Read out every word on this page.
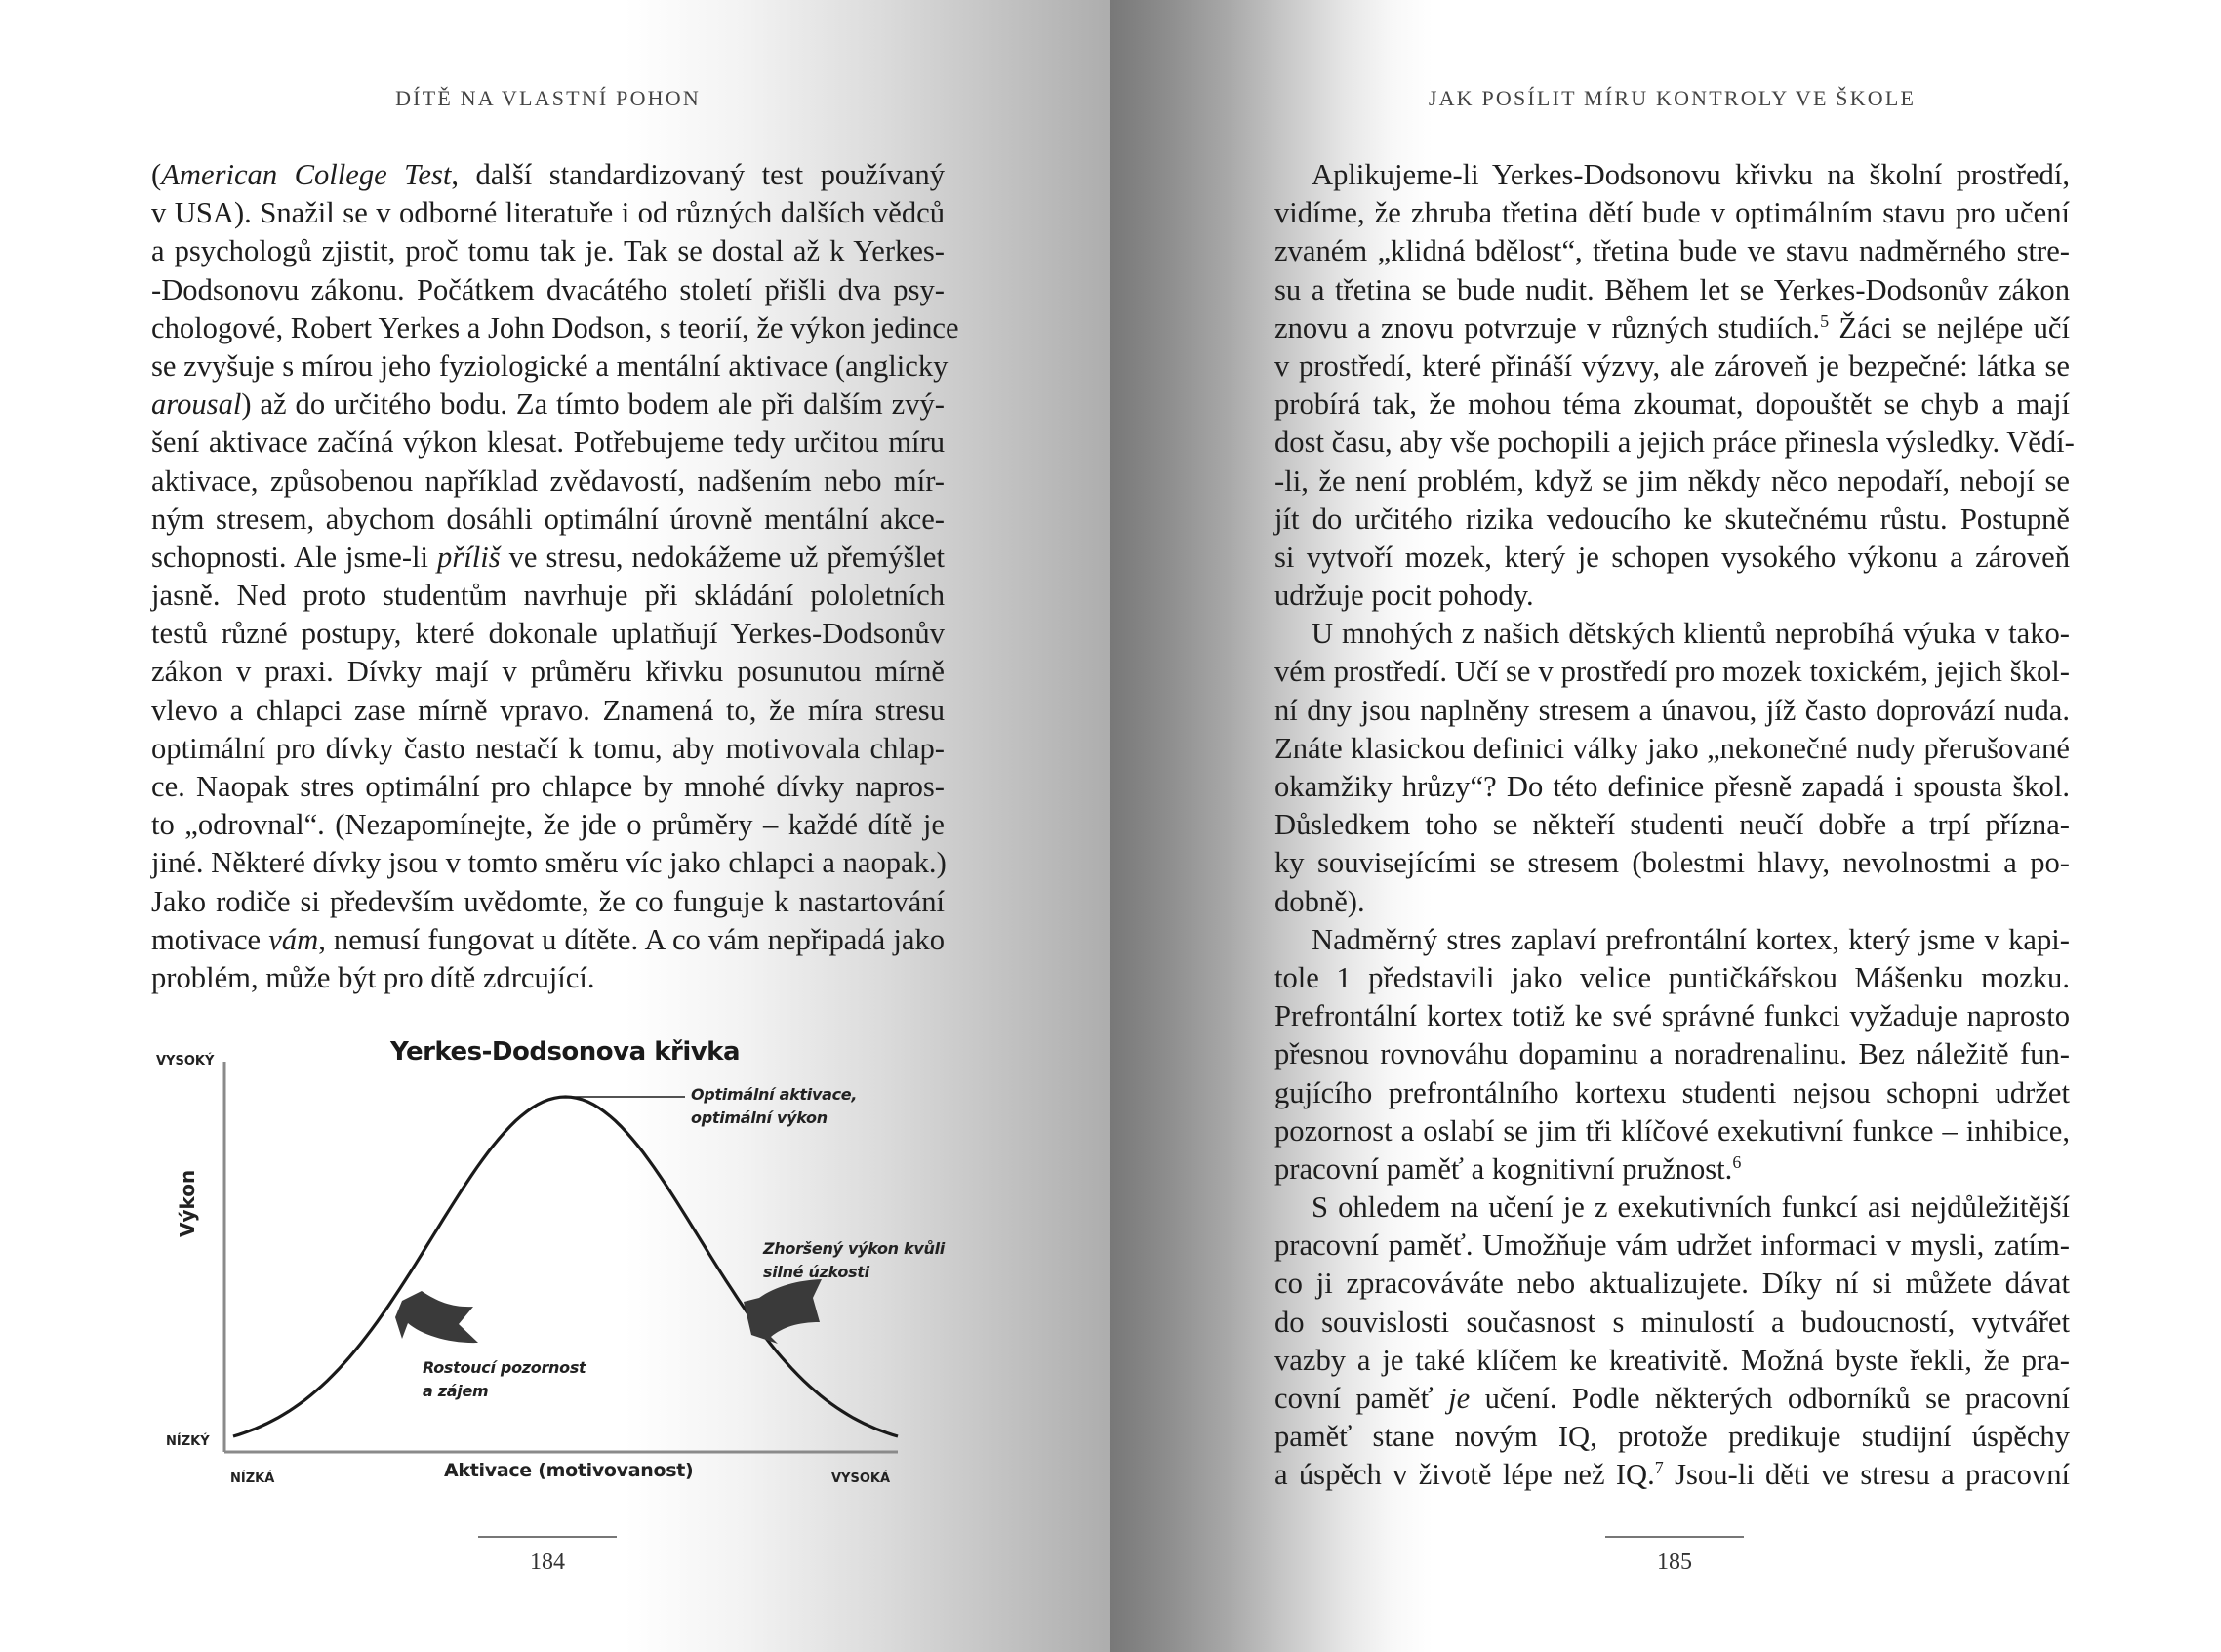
DÍTĚ NA VLASTNÍ POHON
(American College Test, další standardizovaný test používaný
v USA). Snažil se v odborné literatuře i od různých dalších vědců
a psychologů zjistit, proč tomu tak je. Tak se dostal až k Yerkes-
-Dodsonovu zákonu. Počátkem dvacátého století přišli dva psy-
chologové, Robert Yerkes a John Dodson, s teorií, že výkon jedince
se zvyšuje s mírou jeho fyziologické a mentální aktivace (anglicky
arousal) až do určitého bodu. Za tímto bodem ale při dalším zvý-
šení aktivace začíná výkon klesat. Potřebujeme tedy určitou míru
aktivace, způsobenou například zvědavostí, nadšením nebo mír-
ným stresem, abychom dosáhli optimální úrovně mentální akce-
schopnosti. Ale jsme-li příliš ve stresu, nedokážeme už přemýšlet
jasně. Ned proto studentům navrhuje při skládání pololetních
testů různé postupy, které dokonale uplatňují Yerkes-Dodsonův
zákon v praxi. Dívky mají v průměru křivku posunutou mírně
vlevo a chlapci zase mírně vpravo. Znamená to, že míra stresu
optimální pro dívky často nestačí k tomu, aby motivovala chlap-
ce. Naopak stres optimální pro chlapce by mnohé dívky napros-
to „odrovnal“. (Nezapomínejte, že jde o průměry – každé dítě je
jiné. Některé dívky jsou v tomto směru víc jako chlapci a naopak.)
Jako rodiče si především uvědomte, že co funguje k nastartování
motivace vám, nemusí fungovat u dítěte. A co vám nepřipadá jako
problém, může být pro dítě zdrcující.
Yerkes-Dodsonova křivka
VYSOKÝ
NÍZKÝ
Výkon
NÍZKÁ	VYSOKÁ
Aktivace (motivovanost)
Optimální aktivace,
optimální výkon
Rostoucí pozornost
a zájem
Zhoršený výkon kvůli
silné úzkosti
184
JAK POSÍLIT MÍRU KONTROLY VE ŠKOLE
Aplikujeme-li Yerkes-Dodsonovu křivku na školní prostředí,
vidíme, že zhruba třetina dětí bude v optimálním stavu pro učení
zvaném „klidná bdělost“, třetina bude ve stavu nadměrného stre-
su a třetina se bude nudit. Během let se Yerkes-Dodsonův zákon
znovu a znovu potvrzuje v různých studiích.$^5$ Žáci se nejlépe učí
v prostředí, které přináší výzvy, ale zároveň je bezpečné: látka se
probírá tak, že mohou téma zkoumat, dopouštět se chyb a mají
dost času, aby vše pochopili a jejich práce přinesla výsledky. Vědí-
-li, že není problém, když se jim někdy něco nepodaří, nebojí se
jít do určitého rizika vedoucího ke skutečnému růstu. Postupně
si vytvoří mozek, který je schopen vysokého výkonu a zároveň
udržuje pocit pohody.
U mnohých z našich dětských klientů neprobíhá výuka v tako-
vém prostředí. Učí se v prostředí pro mozek toxickém, jejich škol-
ní dny jsou naplněny stresem a únavou, jíž často doprovází nuda.
Znáte klasickou definici války jako „nekonečné nudy přerušované
okamžiky hrůzy“? Do této definice přesně zapadá i spousta škol.
Důsledkem toho se někteří studenti neučí dobře a trpí přízna-
ky souvisejícími se stresem (bolestmi hlavy, nevolnostmi a po-
dobně).
Nadměrný stres zaplaví prefrontální kortex, který jsme v kapi-
tole 1 představili jako velice puntičkářskou Mášenku mozku.
Prefrontální kortex totiž ke své správné funkci vyžaduje naprosto
přesnou rovnováhu dopaminu a noradrenalinu. Bez náležitě fun-
gujícího prefrontálního kortexu studenti nejsou schopni udržet
pozornost a oslabí se jim tři klíčové exekutivní funkce – inhibice,
pracovní paměť a kognitivní pružnost.$^6$
S ohledem na učení je z exekutivních funkcí asi nejdůležitější
pracovní paměť. Umožňuje vám udržet informaci v mysli, zatím-
co ji zpracováváte nebo aktualizujete. Díky ní si můžete dávat
do souvislosti současnost s minulostí a budoucností, vytvářet
vazby a je také klíčem ke kreativitě. Možná byste řekli, že pra-
covní paměť je učení. Podle některých odborníků se pracovní
paměť stane novým IQ, protože predikuje studijní úspěchy
a úspěch v životě lépe než IQ.$^7$ Jsou-li děti ve stresu a pracovní
185
